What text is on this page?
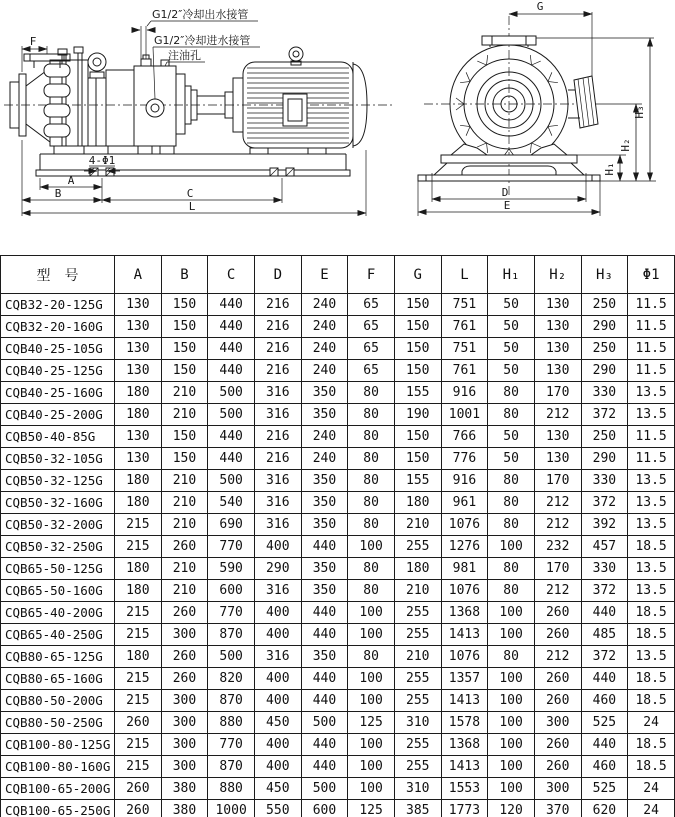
G1/2″冷却出水接管
G1/2″冷却进水接管
注油孔
4-Φ1
F
A
B	C
L
G
H₃
H₂
H₁
D
E
型　号	A	B	C	D	E	F	G	L	H₁	H₂	H₃	Φ1
CQB32-20-125G	130	150	440	216	240	65	150	751	50	130	250	11.5
CQB32-20-160G	130	150	440	216	240	65	150	761	50	130	290	11.5
CQB40-25-105G	130	150	440	216	240	65	150	751	50	130	250	11.5
CQB40-25-125G	130	150	440	216	240	65	150	761	50	130	290	11.5
CQB40-25-160G	180	210	500	316	350	80	155	916	80	170	330	13.5
CQB40-25-200G	180	210	500	316	350	80	190	1001	80	212	372	13.5
CQB50-40-85G	130	150	440	216	240	80	150	766	50	130	250	11.5
CQB50-32-105G	130	150	440	216	240	80	150	776	50	130	290	11.5
CQB50-32-125G	180	210	500	316	350	80	155	916	80	170	330	13.5
CQB50-32-160G	180	210	540	316	350	80	180	961	80	212	372	13.5
CQB50-32-200G	215	210	690	316	350	80	210	1076	80	212	392	13.5
CQB50-32-250G	215	260	770	400	440	100	255	1276	100	232	457	18.5
CQB65-50-125G	180	210	590	290	350	80	180	981	80	170	330	13.5
CQB65-50-160G	180	210	600	316	350	80	210	1076	80	212	372	13.5
CQB65-40-200G	215	260	770	400	440	100	255	1368	100	260	440	18.5
CQB65-40-250G	215	300	870	400	440	100	255	1413	100	260	485	18.5
CQB80-65-125G	180	260	500	316	350	80	210	1076	80	212	372	13.5
CQB80-65-160G	215	260	820	400	440	100	255	1357	100	260	440	18.5
CQB80-50-200G	215	300	870	400	440	100	255	1413	100	260	460	18.5
CQB80-50-250G	260	300	880	450	500	125	310	1578	100	300	525	24
CQB100-80-125G	215	300	770	400	440	100	255	1368	100	260	440	18.5
CQB100-80-160G	215	300	870	400	440	100	255	1413	100	260	460	18.5
CQB100-65-200G	260	380	880	450	500	100	310	1553	100	300	525	24
CQB100-65-250G	260	380	1000	550	600	125	385	1773	120	370	620	24
